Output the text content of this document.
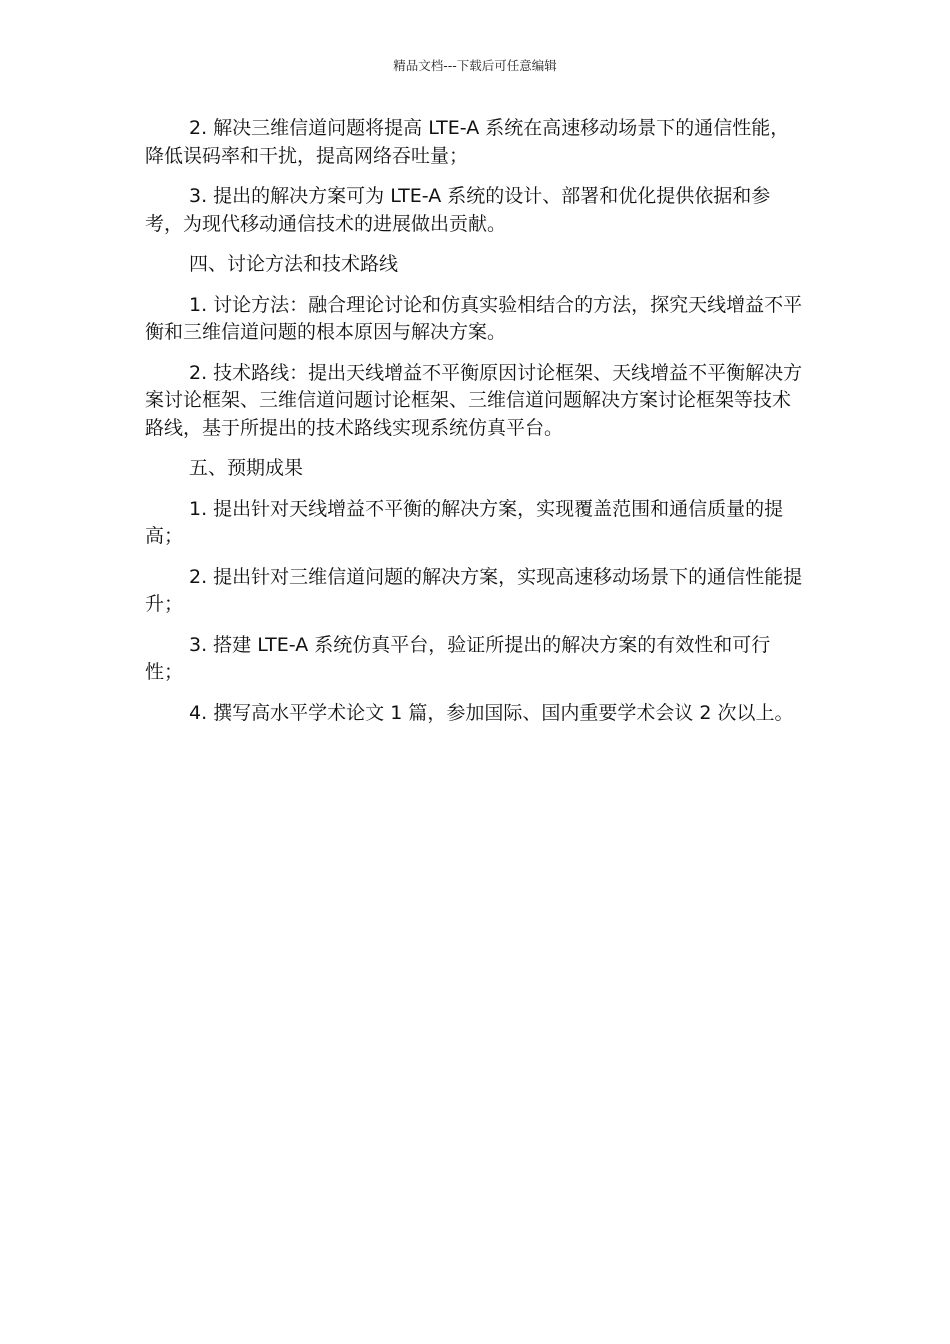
精品文档---下载后可任意编辑

2. 解决三维信道问题将提高 LTE-A 系统在高速移动场景下的通信性能，降低误码率和干扰，提高网络吞吐量；

3. 提出的解决方案可为 LTE-A 系统的设计、部署和优化提供依据和参考，为现代移动通信技术的进展做出贡献。

四、讨论方法和技术路线

1. 讨论方法：融合理论讨论和仿真实验相结合的方法，探究天线增益不平衡和三维信道问题的根本原因与解决方案。

2. 技术路线：提出天线增益不平衡原因讨论框架、天线增益不平衡解决方案讨论框架、三维信道问题讨论框架、三维信道问题解决方案讨论框架等技术路线，基于所提出的技术路线实现系统仿真平台。

五、预期成果

1. 提出针对天线增益不平衡的解决方案，实现覆盖范围和通信质量的提高；

2. 提出针对三维信道问题的解决方案，实现高速移动场景下的通信性能提升；

3. 搭建 LTE-A 系统仿真平台，验证所提出的解决方案的有效性和可行性；

4. 撰写高水平学术论文 1 篇，参加国际、国内重要学术会议 2 次以上。
